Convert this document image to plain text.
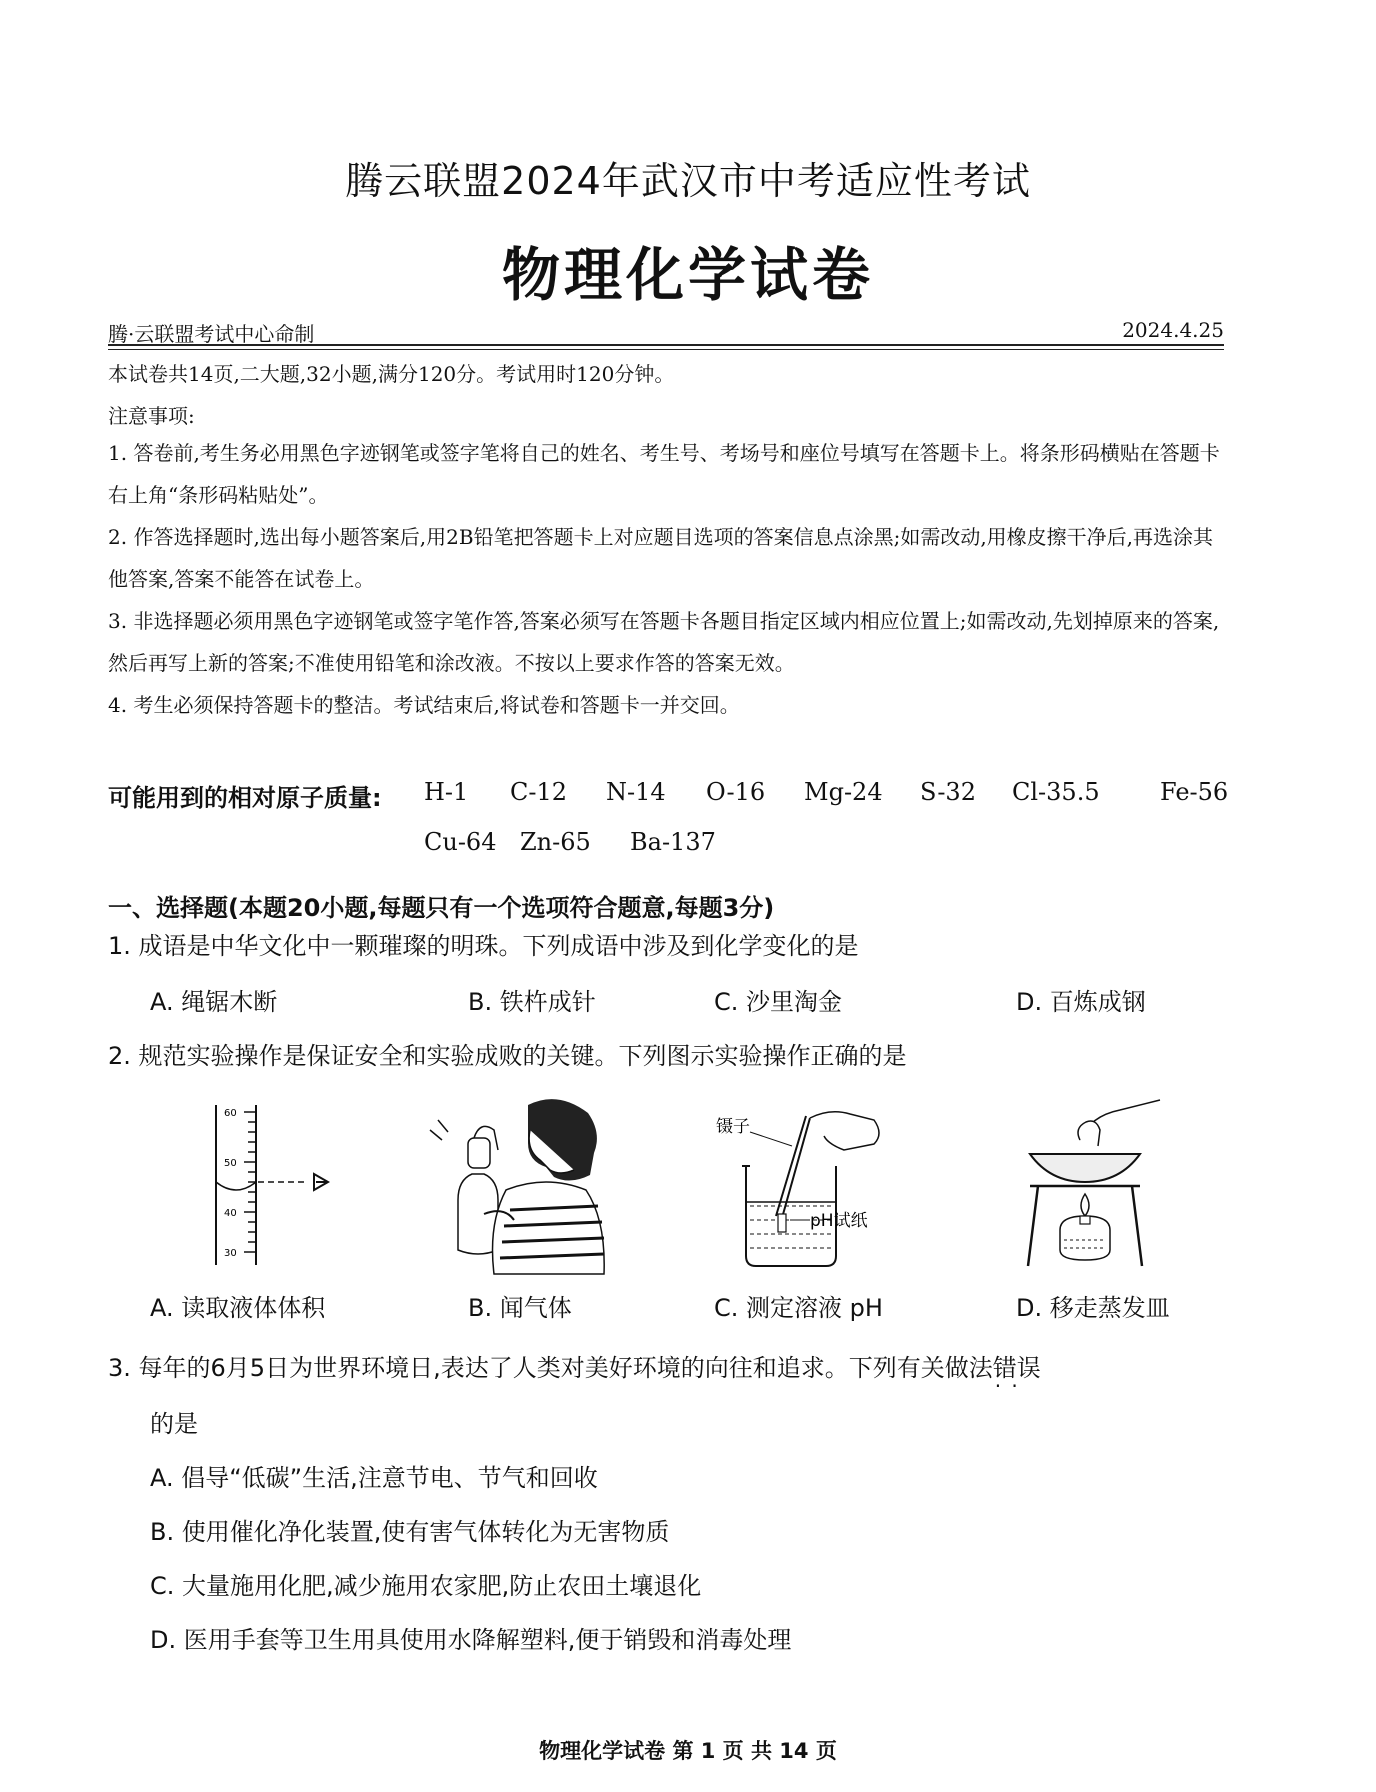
腾云联盟2024年武汉市中考适应性考试
物理化学试卷
腾·云联盟考试中心命制	2024.4.25
本试卷共14页,二大题,32小题,满分120分。考试用时120分钟。
注意事项:
1. 答卷前,考生务必用黑色字迹钢笔或签字笔将自己的姓名、考生号、考场号和座位号填写在答题卡上。将条形码横贴在答题卡右上角“条形码粘贴处”。
2. 作答选择题时,选出每小题答案后,用2B铅笔把答题卡上对应题目选项的答案信息点涂黑;如需改动,用橡皮擦干净后,再选涂其他答案,答案不能答在试卷上。
3. 非选择题必须用黑色字迹钢笔或签字笔作答,答案必须写在答题卡各题目指定区域内相应位置上;如需改动,先划掉原来的答案,然后再写上新的答案;不准使用铅笔和涂改液。不按以上要求作答的答案无效。
4. 考生必须保持答题卡的整洁。考试结束后,将试卷和答题卡一并交回。
可能用到的相对原子质量: H-1 C-12 N-14 O-16 Mg-24 S-32 Cl-35.5	Fe-56
Cu-64 Zn-65 Ba-137
一、选择题(本题20小题,每题只有一个选项符合题意,每题3分)
1. 成语是中华文化中一颗璀璨的明珠。下列成语中涉及到化学变化的是
A. 绳锯木断	B. 铁杵成针	C. 沙里淘金	D. 百炼成钢
2. 规范实验操作是保证安全和实验成败的关键。下列图示实验操作正确的是
60
50
40
30
镊子
pH试纸
A. 读取液体体积	B. 闻气体	C. 测定溶液 pH	D. 移走蒸发皿
3. 每年的6月5日为世界环境日,表达了人类对美好环境的向往和追求。下列有关做法错误 · ·
的是
A. 倡导“低碳”生活,注意节电、节气和回收
B. 使用催化净化装置,使有害气体转化为无害物质
C. 大量施用化肥,减少施用农家肥,防止农田土壤退化
D. 医用手套等卫生用具使用水降解塑料,便于销毁和消毒处理
物理化学试卷 第 1 页 共 14 页
